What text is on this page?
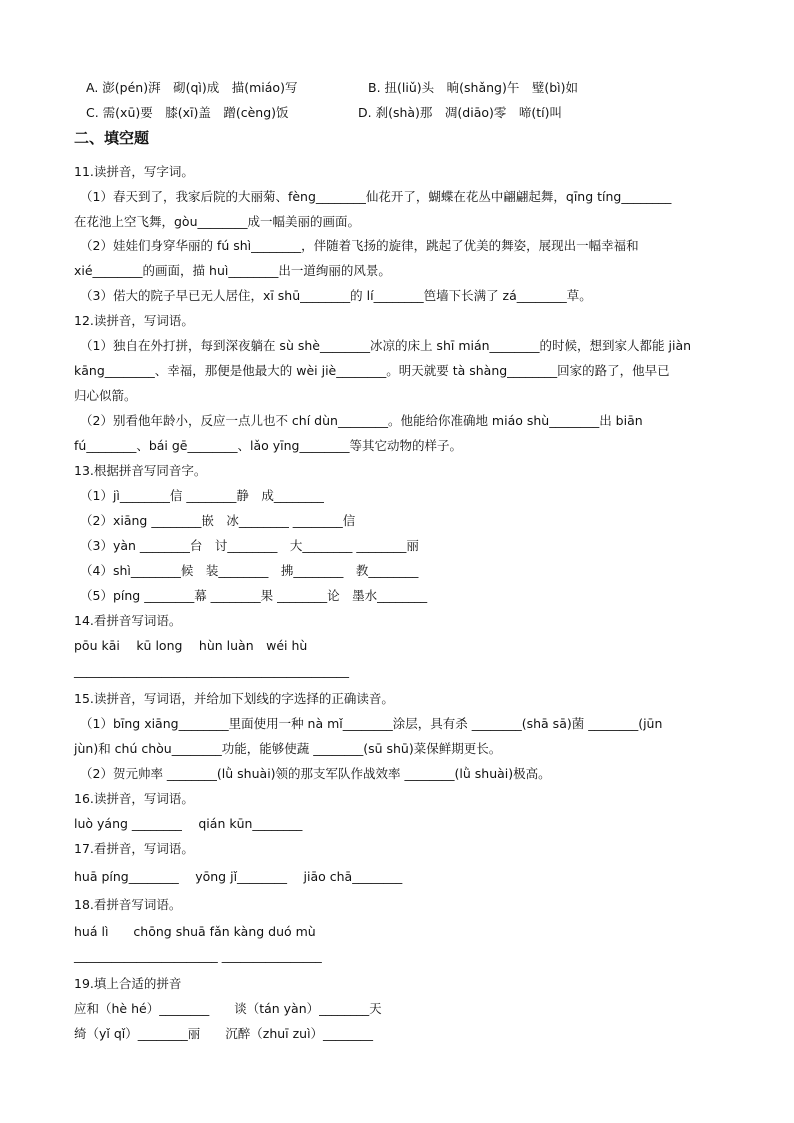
A. 澎(pén)湃　砌(qì)成　描(miáo)写	B. 扭(liǔ)头　晌(shǎng)午　璧(bì)如
C. 需(xū)要　膝(xī)盖　蹭(cèng)饭	D. 刹(shà)那　凋(diāo)零　啼(tí)叫
二、填空题
11.读拼音，写字词。
（1）春天到了，我家后院的大丽菊、fèng________仙花开了，蝴蝶在花丛中翩翩起舞，qīng tíng________
在花池上空飞舞，gòu________成一幅美丽的画面。
（2）娃娃们身穿华丽的 fú shì________，伴随着飞扬的旋律，跳起了优美的舞姿，展现出一幅幸福和
xié________的画面，描 huì________出一道绚丽的风景。
（3）偌大的院子早已无人居住，xī shū________的 lí________笆墙下长满了 zá________草。
12.读拼音，写词语。
（1）独自在外打拼，每到深夜躺在 sù shè________冰凉的床上 shī mián________的时候，想到家人都能 jiàn
kāng________、幸福，那便是他最大的 wèi jiè________。明天就要 tà shàng________回家的路了，他早已
归心似箭。
（2）别看他年龄小，反应一点儿也不 chí dùn________。他能给你准确地 miáo shù________出 biān
fú________、bái gē________、lǎo yīng________等其它动物的样子。
13.根据拼音写同音字。
（1）jì________信 ________静　成________
（2）xiāng ________嵌　冰________ ________信
（3）yàn ________台　讨________　大________ ________丽
（4）shì________候　装________　拂________　教________
（5）píng ________幕 ________果 ________论　墨水________
14.看拼音写词语。
pōu kāi　 kū long　 hùn luàn　wéi hù
____________________________________________
15.读拼音，写词语，并给加下划线的字选择的正确读音。
（1）bīng xiāng________里面使用一种 nà mǐ________涂层，具有杀 ________(shā sā)菌 ________(jūn
jùn)和 chú chòu________功能，能够使蔬 ________(sū shū)菜保鲜期更长。
（2）贺元帅率 ________(lǜ shuài)领的那支军队作战效率 ________(lǜ shuài)极高。
16.读拼音，写词语。
luò yáng ________　 qián kūn________
17.看拼音，写词语。
huā píng________　 yōng jǐ________　 jiāo chā________
18.看拼音写词语。
huá lì　　chōng shuā fǎn kàng duó mù
_______________________ ________________
19.填上合适的拼音
应和（hè hé）________　　谈（tán yàn）________天
绮（yǐ qǐ）________丽　　沉醉（zhuī zuì）________
